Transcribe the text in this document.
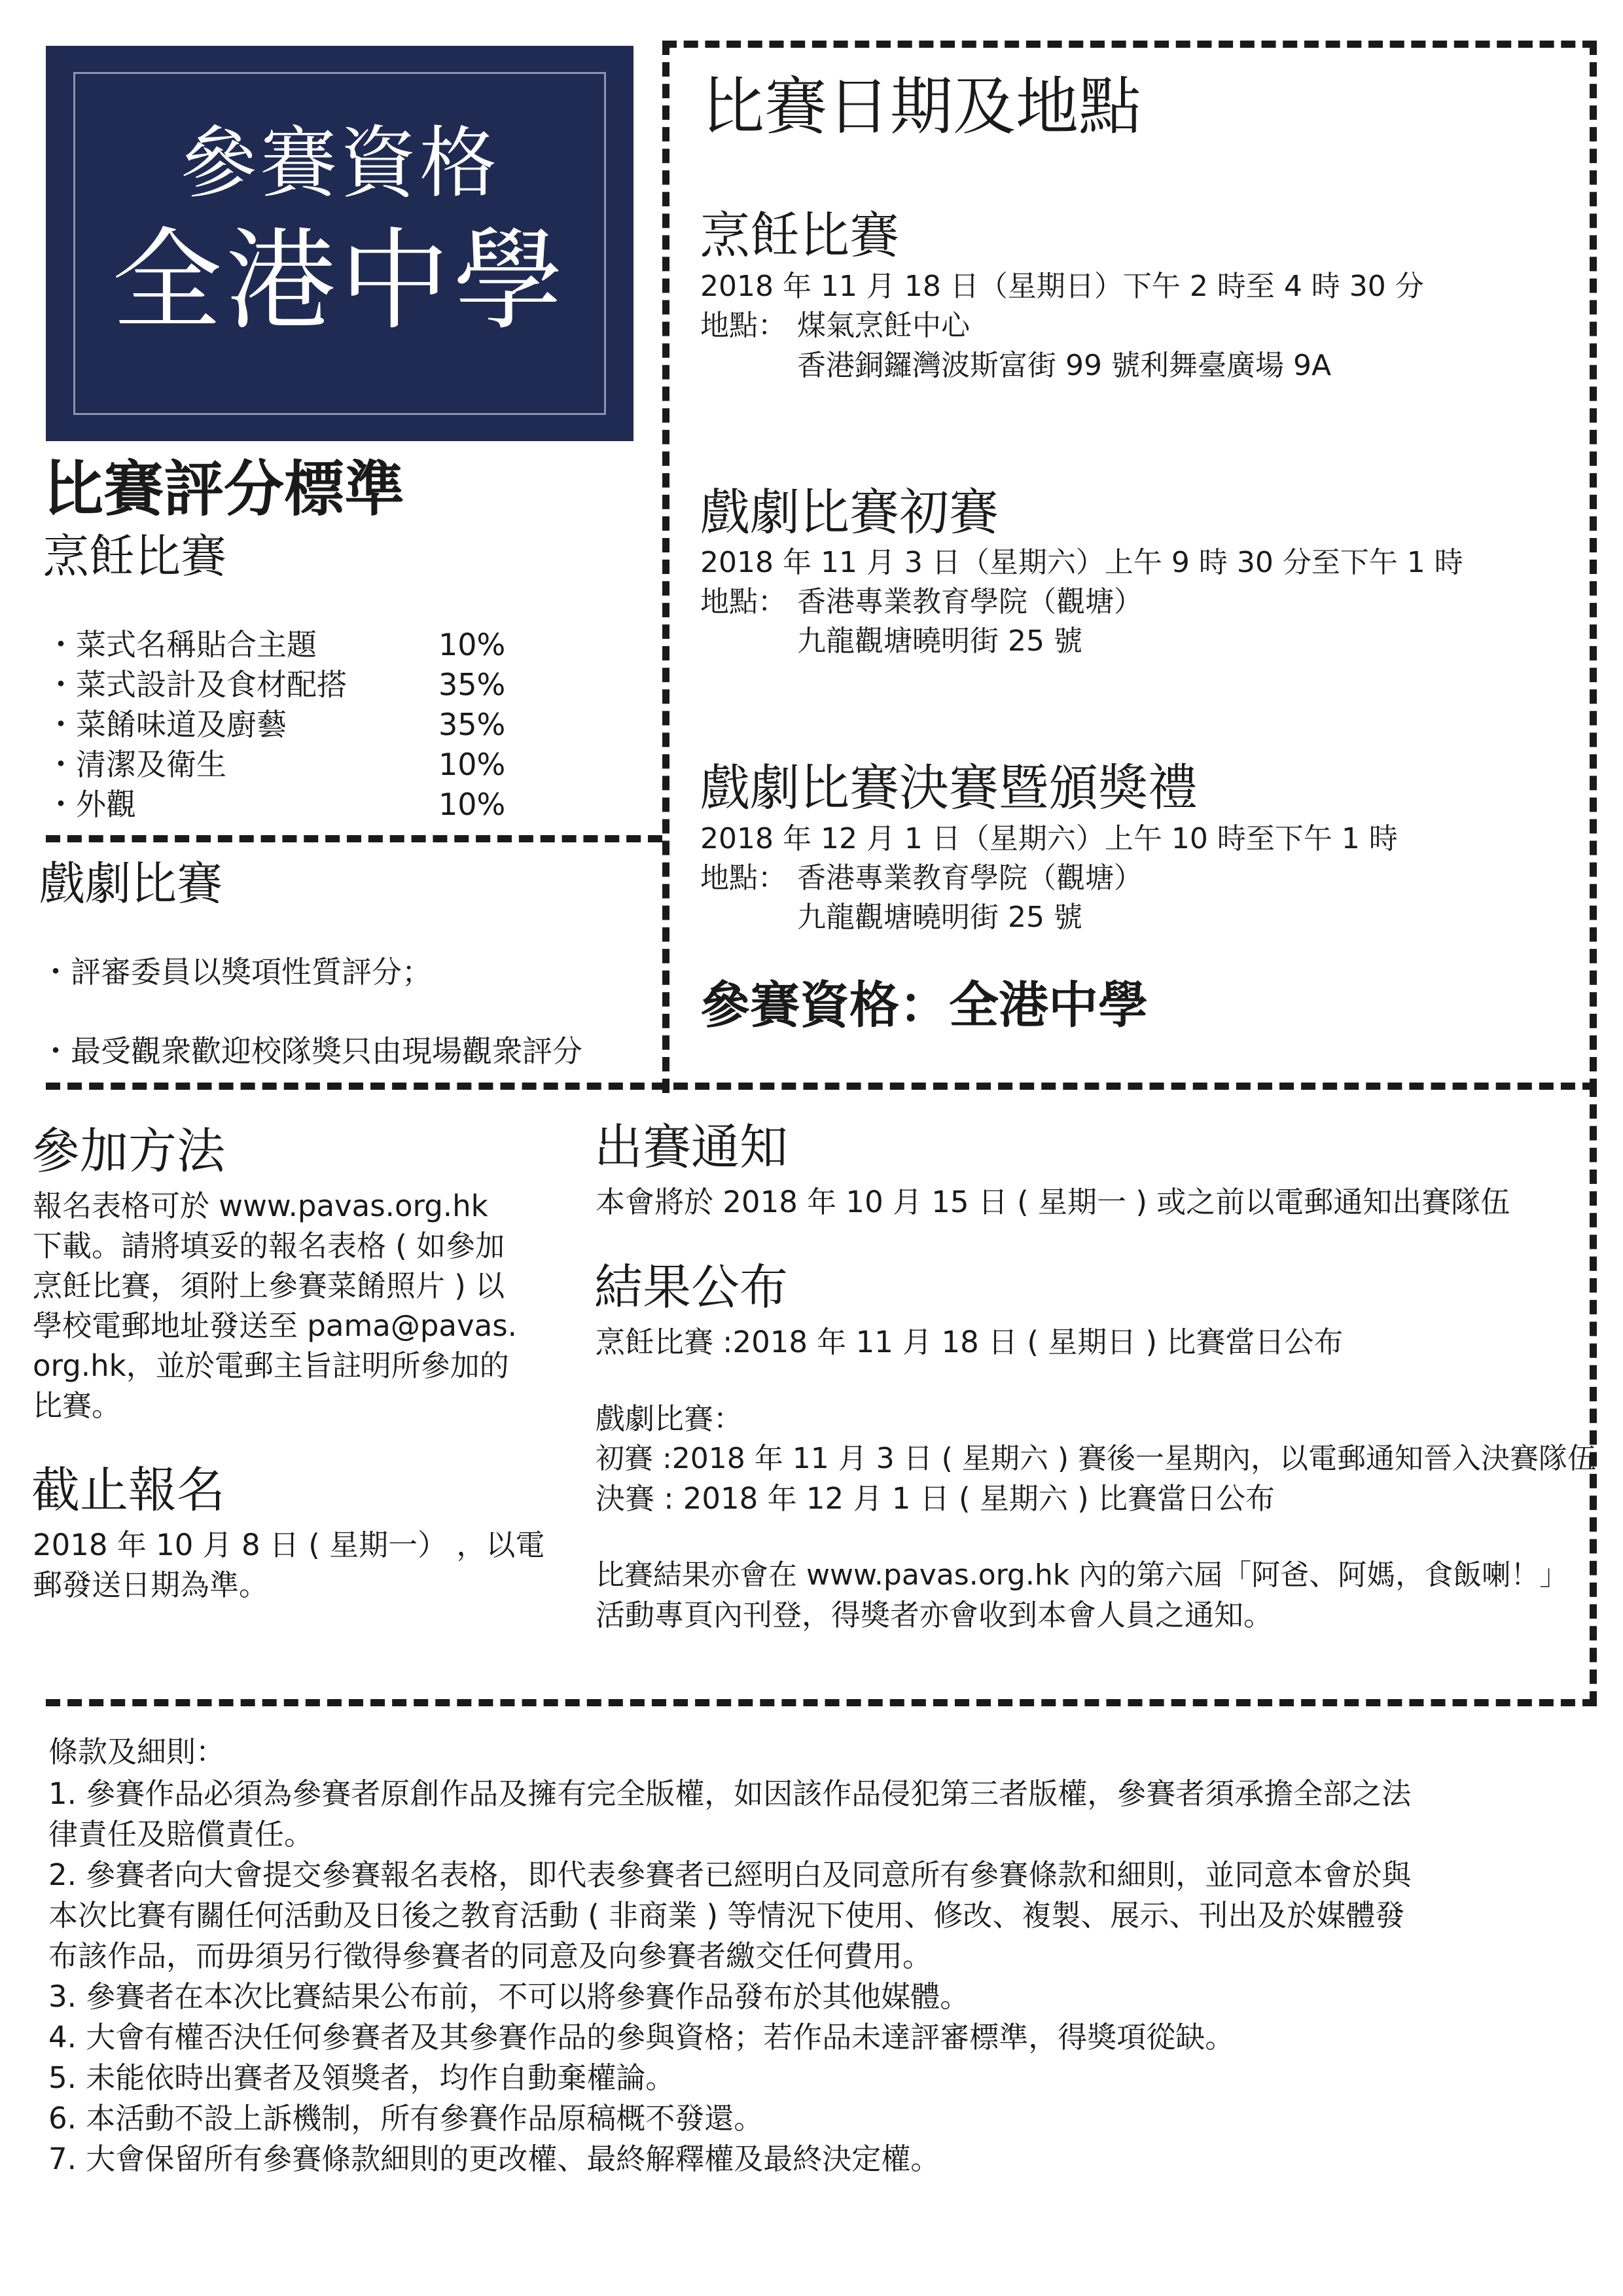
參賽資格
全港中學
比賽評分標準
烹飪比賽
・菜式名稱貼合主題	10%
・菜式設計及食材配搭	35%
・菜餚味道及廚藝	35%
・清潔及衛生	10%
・外觀	10%
戲劇比賽
・評審委員以獎項性質評分；
・最受觀衆歡迎校隊獎只由現場觀衆評分
比賽日期及地點
烹飪比賽
2018 年 11 月 18 日（星期日）下午 2 時至 4 時 30 分
地點： 煤氣烹飪中心
香港銅鑼灣波斯富街 99 號利舞臺廣場 9A
戲劇比賽初賽
2018 年 11 月 3 日（星期六）上午 9 時 30 分至下午 1 時
地點： 香港專業教育學院（觀塘）
九龍觀塘曉明街 25 號
戲劇比賽決賽暨頒獎禮
2018 年 12 月 1 日（星期六）上午 10 時至下午 1 時
地點： 香港專業教育學院（觀塘）
九龍觀塘曉明街 25 號
參賽資格：全港中學
參加方法
報名表格可於 www.pavas.org.hk
下載。請將填妥的報名表格 ( 如參加
烹飪比賽，須附上參賽菜餚照片 ) 以
學校電郵地址發送至 pama@pavas.
org.hk，並於電郵主旨註明所參加的
比賽。
截止報名
2018 年 10 月 8 日 ( 星期一） ，以電
郵發送日期為準。
出賽通知
本會將於 2018 年 10 月 15 日 ( 星期一 ) 或之前以電郵通知出賽隊伍
結果公布
烹飪比賽 :2018 年 11 月 18 日 ( 星期日 ) 比賽當日公布
戲劇比賽：
初賽 :2018 年 11 月 3 日 ( 星期六 ) 賽後一星期內，以電郵通知晉入決賽隊伍
決賽 : 2018 年 12 月 1 日 ( 星期六 ) 比賽當日公布
比賽結果亦會在 www.pavas.org.hk 內的第六屆「阿爸、阿媽，食飯喇！」
活動專頁內刊登，得獎者亦會收到本會人員之通知。
條款及細則：
1. 參賽作品必須為參賽者原創作品及擁有完全版權，如因該作品侵犯第三者版權，參賽者須承擔全部之法
律責任及賠償責任。
2. 參賽者向大會提交參賽報名表格，即代表參賽者已經明白及同意所有參賽條款和細則，並同意本會於與
本次比賽有關任何活動及日後之教育活動 ( 非商業 ) 等情況下使用、修改、複製、展示、刊出及於媒體發
布該作品，而毋須另行徵得參賽者的同意及向參賽者繳交任何費用。
3. 參賽者在本次比賽結果公布前，不可以將參賽作品發布於其他媒體。
4. 大會有權否決任何參賽者及其參賽作品的參與資格；若作品未達評審標準，得獎項從缺。
5. 未能依時出賽者及領獎者，均作自動棄權論。
6. 本活動不設上訴機制，所有參賽作品原稿概不發還。
7. 大會保留所有參賽條款細則的更改權、最終解釋權及最終決定權。
